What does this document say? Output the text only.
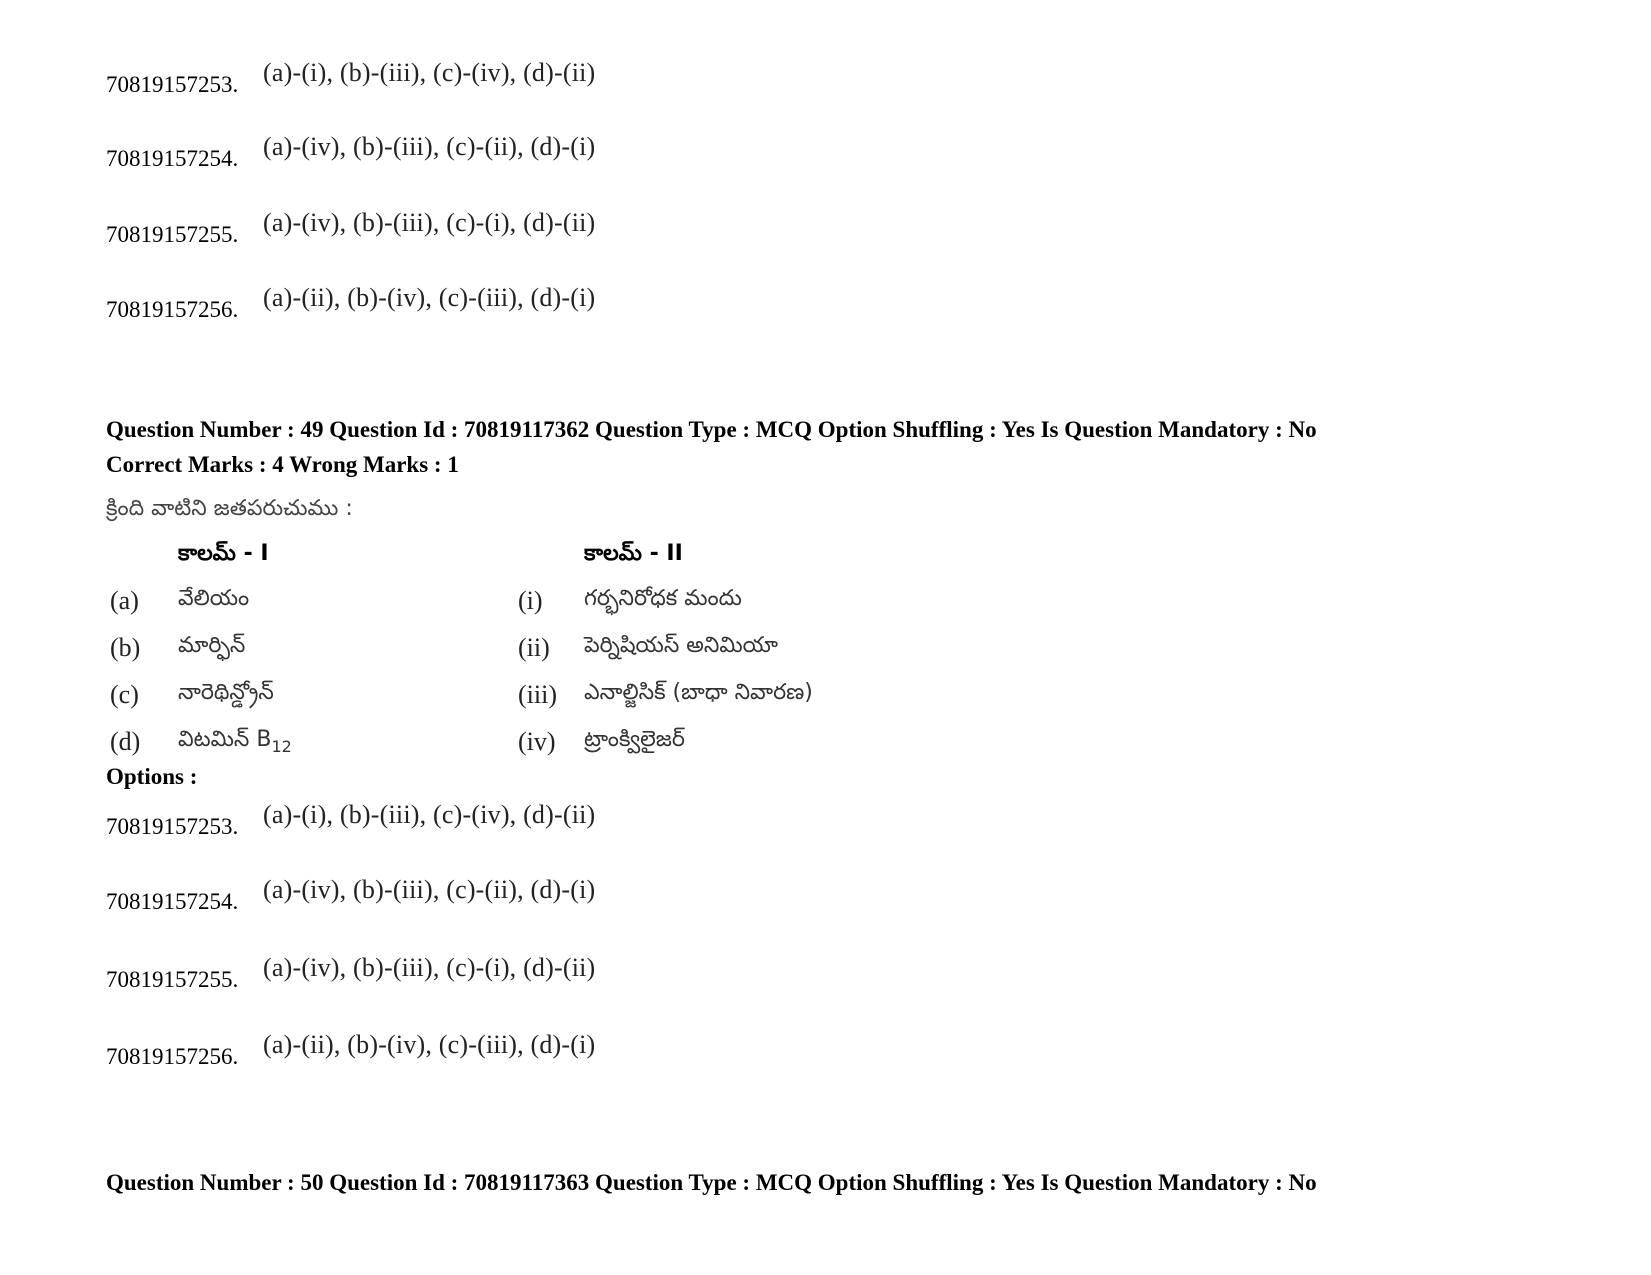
70819157253. (a)-(i), (b)-(iii), (c)-(iv), (d)-(ii)
70819157254. (a)-(iv), (b)-(iii), (c)-(ii), (d)-(i)
70819157255. (a)-(iv), (b)-(iii), (c)-(i), (d)-(ii)
70819157256. (a)-(ii), (b)-(iv), (c)-(iii), (d)-(i)
Question Number : 49 Question Id : 70819117362 Question Type : MCQ Option Shuffling : Yes Is Question Mandatory : No
Correct Marks : 4 Wrong Marks : 1
క్రింది వాటిని జతపరుచుము :
కాలమ్ - I	కాలమ్ - II
(a) వేలియం	(i) గర్భనిరోధక మందు
(b) మార్ఫిన్	(ii) పెర్నిషియస్ అనిమియా
(c) నారెథిన్డ్రోన్	(iii) ఎనాల్జిసిక్ (బాధా నివారణ)
(d) విటమిన్ $B_{12}$	(iv) ట్రాంక్విలైజర్
Options :
70819157253. (a)-(i), (b)-(iii), (c)-(iv), (d)-(ii)
70819157254. (a)-(iv), (b)-(iii), (c)-(ii), (d)-(i)
70819157255. (a)-(iv), (b)-(iii), (c)-(i), (d)-(ii)
70819157256. (a)-(ii), (b)-(iv), (c)-(iii), (d)-(i)
Question Number : 50 Question Id : 70819117363 Question Type : MCQ Option Shuffling : Yes Is Question Mandatory : No
